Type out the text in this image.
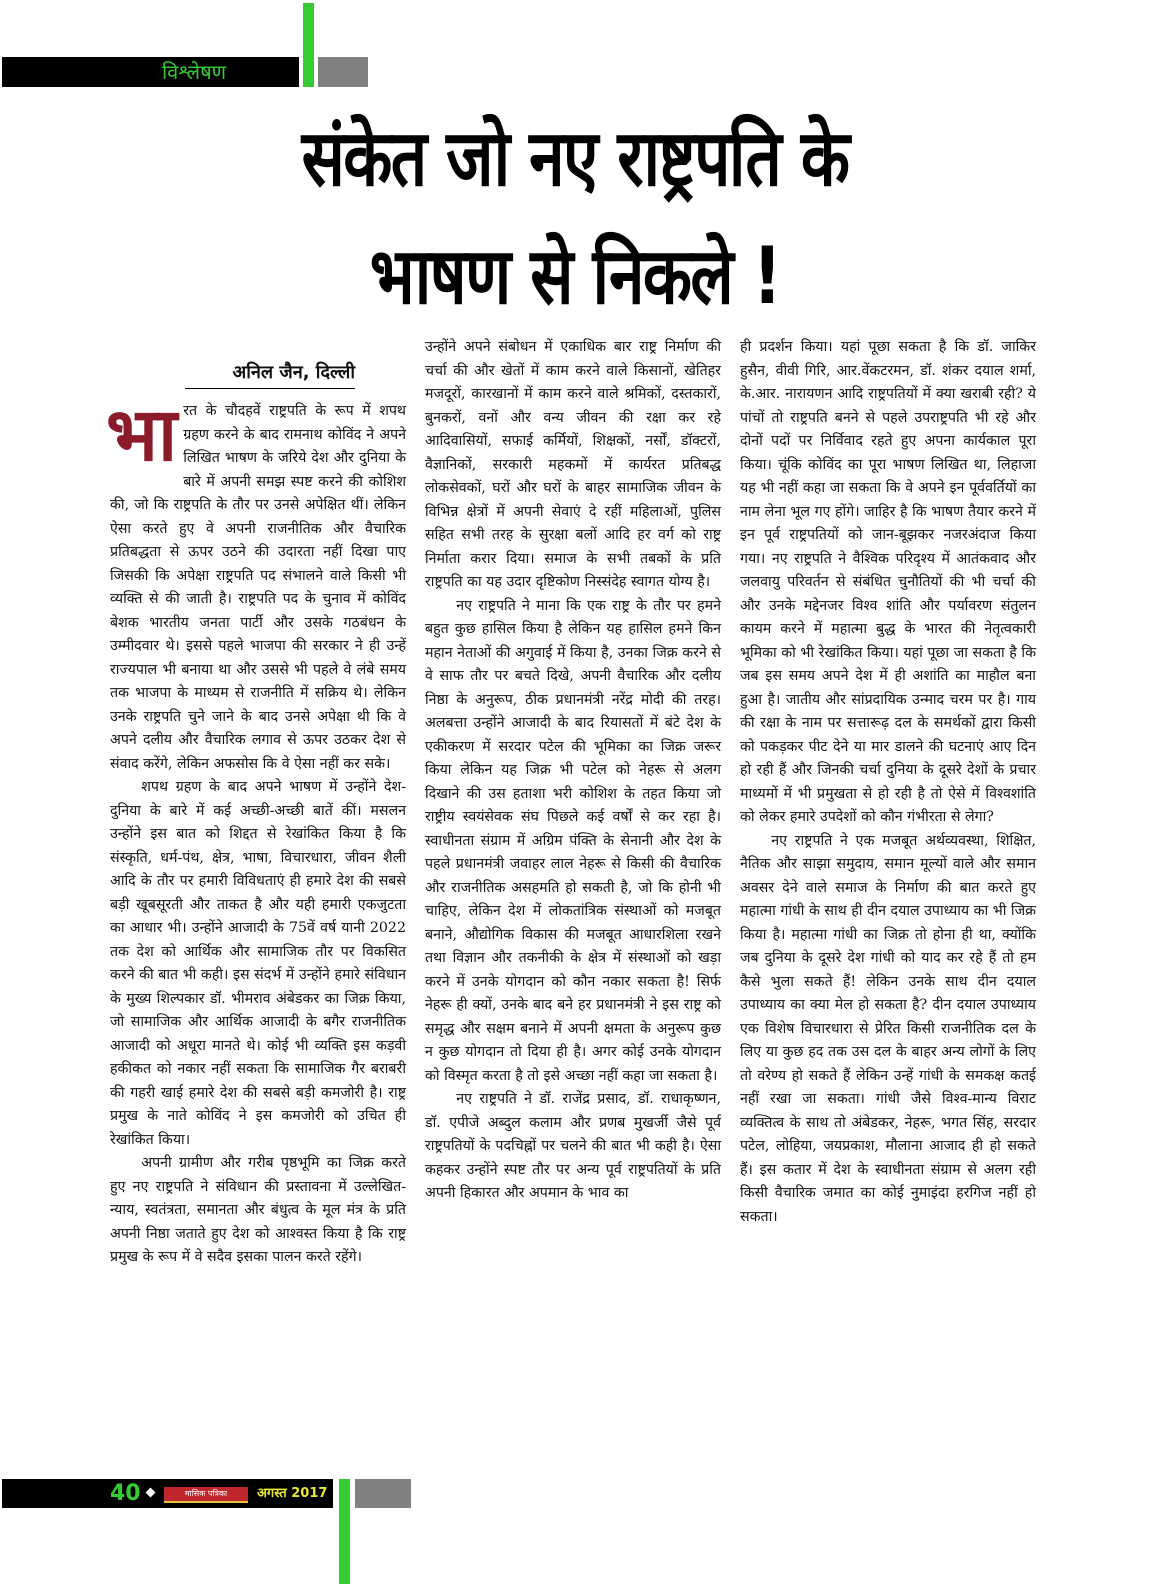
विश्लेषण
संकेत जो नए राष्ट्रपति के
भाषण से निकले !
अनिल जैन, दिल्ली

भा रत के चौदहवें राष्ट्रपति के रूप में शपथ ग्रहण करने के बाद रामनाथ कोविंद ने अपने लिखित भाषण के जरिये देश और दुनिया के बारे में अपनी समझ स्पष्ट करने की कोशिश की, जो कि राष्ट्रपति के तौर पर उनसे अपेक्षित थीं। लेकिन ऐसा करते हुए वे अपनी राजनीतिक और वैचारिक प्रतिबद्धता से ऊपर उठने की उदारता नहीं दिखा पाए जिसकी कि अपेक्षा राष्ट्रपति पद संभालने वाले किसी भी व्यक्ति से की जाती है। राष्ट्रपति पद के चुनाव में कोविंद बेशक भारतीय जनता पार्टी और उसके गठबंधन के उम्मीदवार थे। इससे पहले भाजपा की सरकार ने ही उन्हें राज्यपाल भी बनाया था और उससे भी पहले वे लंबे समय तक भाजपा के माध्यम से राजनीति में सक्रिय थे। लेकिन उनके राष्ट्रपति चुने जाने के बाद उनसे अपेक्षा थी कि वे अपने दलीय और वैचारिक लगाव से ऊपर उठकर देश से संवाद करेंगे, लेकिन अफसोस कि वे ऐसा नहीं कर सके।

शपथ ग्रहण के बाद अपने भाषण में उन्होंने देश-दुनिया के बारे में कई अच्छी-अच्छी बातें कीं। मसलन उन्होंने इस बात को शिद्दत से रेखांकित किया है कि संस्कृति, धर्म-पंथ, क्षेत्र, भाषा, विचारधारा, जीवन शैली आदि के तौर पर हमारी विविधताएं ही हमारे देश की सबसे बड़ी खूबसूरती और ताकत है और यही हमारी एकजुटता का आधार भी। उन्होंने आजादी के 75वें वर्ष यानी 2022 तक देश को आर्थिक और सामाजिक तौर पर विकसित करने की बात भी कही। इस संदर्भ में उन्होंने हमारे संविधान के मुख्य शिल्पकार डॉ. भीमराव अंबेडकर का जिक्र किया, जो सामाजिक और आर्थिक आजादी के बगैर राजनीतिक आजादी को अधूरा मानते थे। कोई भी व्यक्ति इस कड़वी हकीकत को नकार नहीं सकता कि सामाजिक गैर बराबरी की गहरी खाई हमारे देश की सबसे बड़ी कमजोरी है। राष्ट्र प्रमुख के नाते कोविंद ने इस कमजोरी को उचित ही रेखांकित किया।

अपनी ग्रामीण और गरीब पृष्ठभूमि का जिक्र करते हुए नए राष्ट्रपति ने संविधान की प्रस्तावना में उल्लेखित- न्याय, स्वतंत्रता, समानता और बंधुत्व के मूल मंत्र के प्रति अपनी निष्ठा जताते हुए देश को आश्वस्त किया है कि राष्ट्र प्रमुख के रूप में वे सदैव इसका पालन करते रहेंगे।

उन्होंने अपने संबोधन में एकाधिक बार राष्ट्र निर्माण की चर्चा की और खेतों में काम करने वाले किसानों, खेतिहर मजदूरों, कारखानों में काम करने वाले श्रमिकों, दस्तकारों, बुनकरों, वनों और वन्य जीवन की रक्षा कर रहे आदिवासियों, सफाई कर्मियों, शिक्षकों, नर्सों, डॉक्टरों, वैज्ञानिकों, सरकारी महकमों में कार्यरत प्रतिबद्ध लोकसेवकों, घरों और घरों के बाहर सामाजिक जीवन के विभिन्न क्षेत्रों में अपनी सेवाएं दे रहीं महिलाओं, पुलिस सहित सभी तरह के सुरक्षा बलों आदि हर वर्ग को राष्ट्र निर्माता करार दिया। समाज के सभी तबकों के प्रति राष्ट्रपति का यह उदार दृष्टिकोण निस्संदेह स्वागत योग्य है।

नए राष्ट्रपति ने माना कि एक राष्ट्र के तौर पर हमने बहुत कुछ हासिल किया है लेकिन यह हासिल हमने किन महान नेताओं की अगुवाई में किया है, उनका जिक्र करने से वे साफ तौर पर बचते दिखे, अपनी वैचारिक और दलीय निष्ठा के अनुरूप, ठीक प्रधानमंत्री नरेंद्र मोदी की तरह। अलबत्ता उन्होंने आजादी के बाद रियासतों में बंटे देश के एकीकरण में सरदार पटेल की भूमिका का जिक्र जरूर किया लेकिन यह जिक्र भी पटेल को नेहरू से अलग दिखाने की उस हताशा भरी कोशिश के तहत किया जो राष्ट्रीय स्वयंसेवक संघ पिछले कई वर्षों से कर रहा है। स्वाधीनता संग्राम में अग्रिम पंक्ति के सेनानी और देश के पहले प्रधानमंत्री जवाहर लाल नेहरू से किसी की वैचारिक और राजनीतिक असहमति हो सकती है, जो कि होनी भी चाहिए, लेकिन देश में लोकतांत्रिक संस्थाओं को मजबूत बनाने, औद्योगिक विकास की मजबूत आधारशिला रखने तथा विज्ञान और तकनीकी के क्षेत्र में संस्थाओं को खड़ा करने में उनके योगदान को कौन नकार सकता है! सिर्फ नेहरू ही क्यों, उनके बाद बने हर प्रधानमंत्री ने इस राष्ट्र को समृद्ध और सक्षम बनाने में अपनी क्षमता के अनुरूप कुछ न कुछ योगदान तो दिया ही है। अगर कोई उनके योगदान को विस्मृत करता है तो इसे अच्छा नहीं कहा जा सकता है।

नए राष्ट्रपति ने डॉ. राजेंद्र प्रसाद, डॉ. राधाकृष्णन, डॉ. एपीजे अब्दुल कलाम और प्रणब मुखर्जी जैसे पूर्व राष्ट्रपतियों के पदचिह्नों पर चलने की बात भी कही है। ऐसा कहकर उन्होंने स्पष्ट तौर पर अन्य पूर्व राष्ट्रपतियों के प्रति अपनी हिकारत और अपमान के भाव का

ही प्रदर्शन किया। यहां पूछा सकता है कि डॉ. जाकिर हुसैन, वीवी गिरि, आर.वेंकटरमन, डॉ. शंकर दयाल शर्मा, के.आर. नारायणन आदि राष्ट्रपतियों में क्या खराबी रही? ये पांचों तो राष्ट्रपति बनने से पहले उपराष्ट्रपति भी रहे और दोनों पदों पर निर्विवाद रहते हुए अपना कार्यकाल पूरा किया। चूंकि कोविंद का पूरा भाषण लिखित था, लिहाजा यह भी नहीं कहा जा सकता कि वे अपने इन पूर्ववर्तियों का नाम लेना भूल गए होंगे। जाहिर है कि भाषण तैयार करने में इन पूर्व राष्ट्रपतियों को जान-बूझकर नजरअंदाज किया गया। नए राष्ट्रपति ने वैश्विक परिदृश्य में आतंकवाद और जलवायु परिवर्तन से संबंधित चुनौतियों की भी चर्चा की और उनके मद्देनजर विश्व शांति और पर्यावरण संतुलन कायम करने में महात्मा बुद्ध के भारत की नेतृत्वकारी भूमिका को भी रेखांकित किया। यहां पूछा जा सकता है कि जब इस समय अपने देश में ही अशांति का माहौल बना हुआ है। जातीय और सांप्रदायिक उन्माद चरम पर है। गाय की रक्षा के नाम पर सत्तारूढ़ दल के समर्थकों द्वारा किसी को पकड़कर पीट देने या मार डालने की घटनाएं आए दिन हो रही हैं और जिनकी चर्चा दुनिया के दूसरे देशों के प्रचार माध्यमों में भी प्रमुखता से हो रही है तो ऐसे में विश्वशांति को लेकर हमारे उपदेशों को कौन गंभीरता से लेगा?

नए राष्ट्रपति ने एक मजबूत अर्थव्यवस्था, शिक्षित, नैतिक और साझा समुदाय, समान मूल्यों वाले और समान अवसर देने वाले समाज के निर्माण की बात करते हुए महात्मा गांधी के साथ ही दीन दयाल उपाध्याय का भी जिक्र किया है। महात्मा गांधी का जिक्र तो होना ही था, क्योंकि जब दुनिया के दूसरे देश गांधी को याद कर रहे हैं तो हम कैसे भुला सकते हैं! लेकिन उनके साथ दीन दयाल उपाध्याय का क्या मेल हो सकता है? दीन दयाल उपाध्याय एक विशेष विचारधारा से प्रेरित किसी राजनीतिक दल के लिए या कुछ हद तक उस दल के बाहर अन्य लोगों के लिए तो वरेण्य हो सकते हैं लेकिन उन्हें गांधी के समकक्ष कतई नहीं रखा जा सकता। गांधी जैसे विश्व-मान्य विराट व्यक्तित्व के साथ तो अंबेडकर, नेहरू, भगत सिंह, सरदार पटेल, लोहिया, जयप्रकाश, मौलाना आजाद ही हो सकते हैं। इस कतार में देश के स्वाधीनता संग्राम से अलग रही किसी वैचारिक जमात का कोई नुमाइंदा हरगिज नहीं हो सकता।

40	मासिक पत्रिका	अगस्त 2017
